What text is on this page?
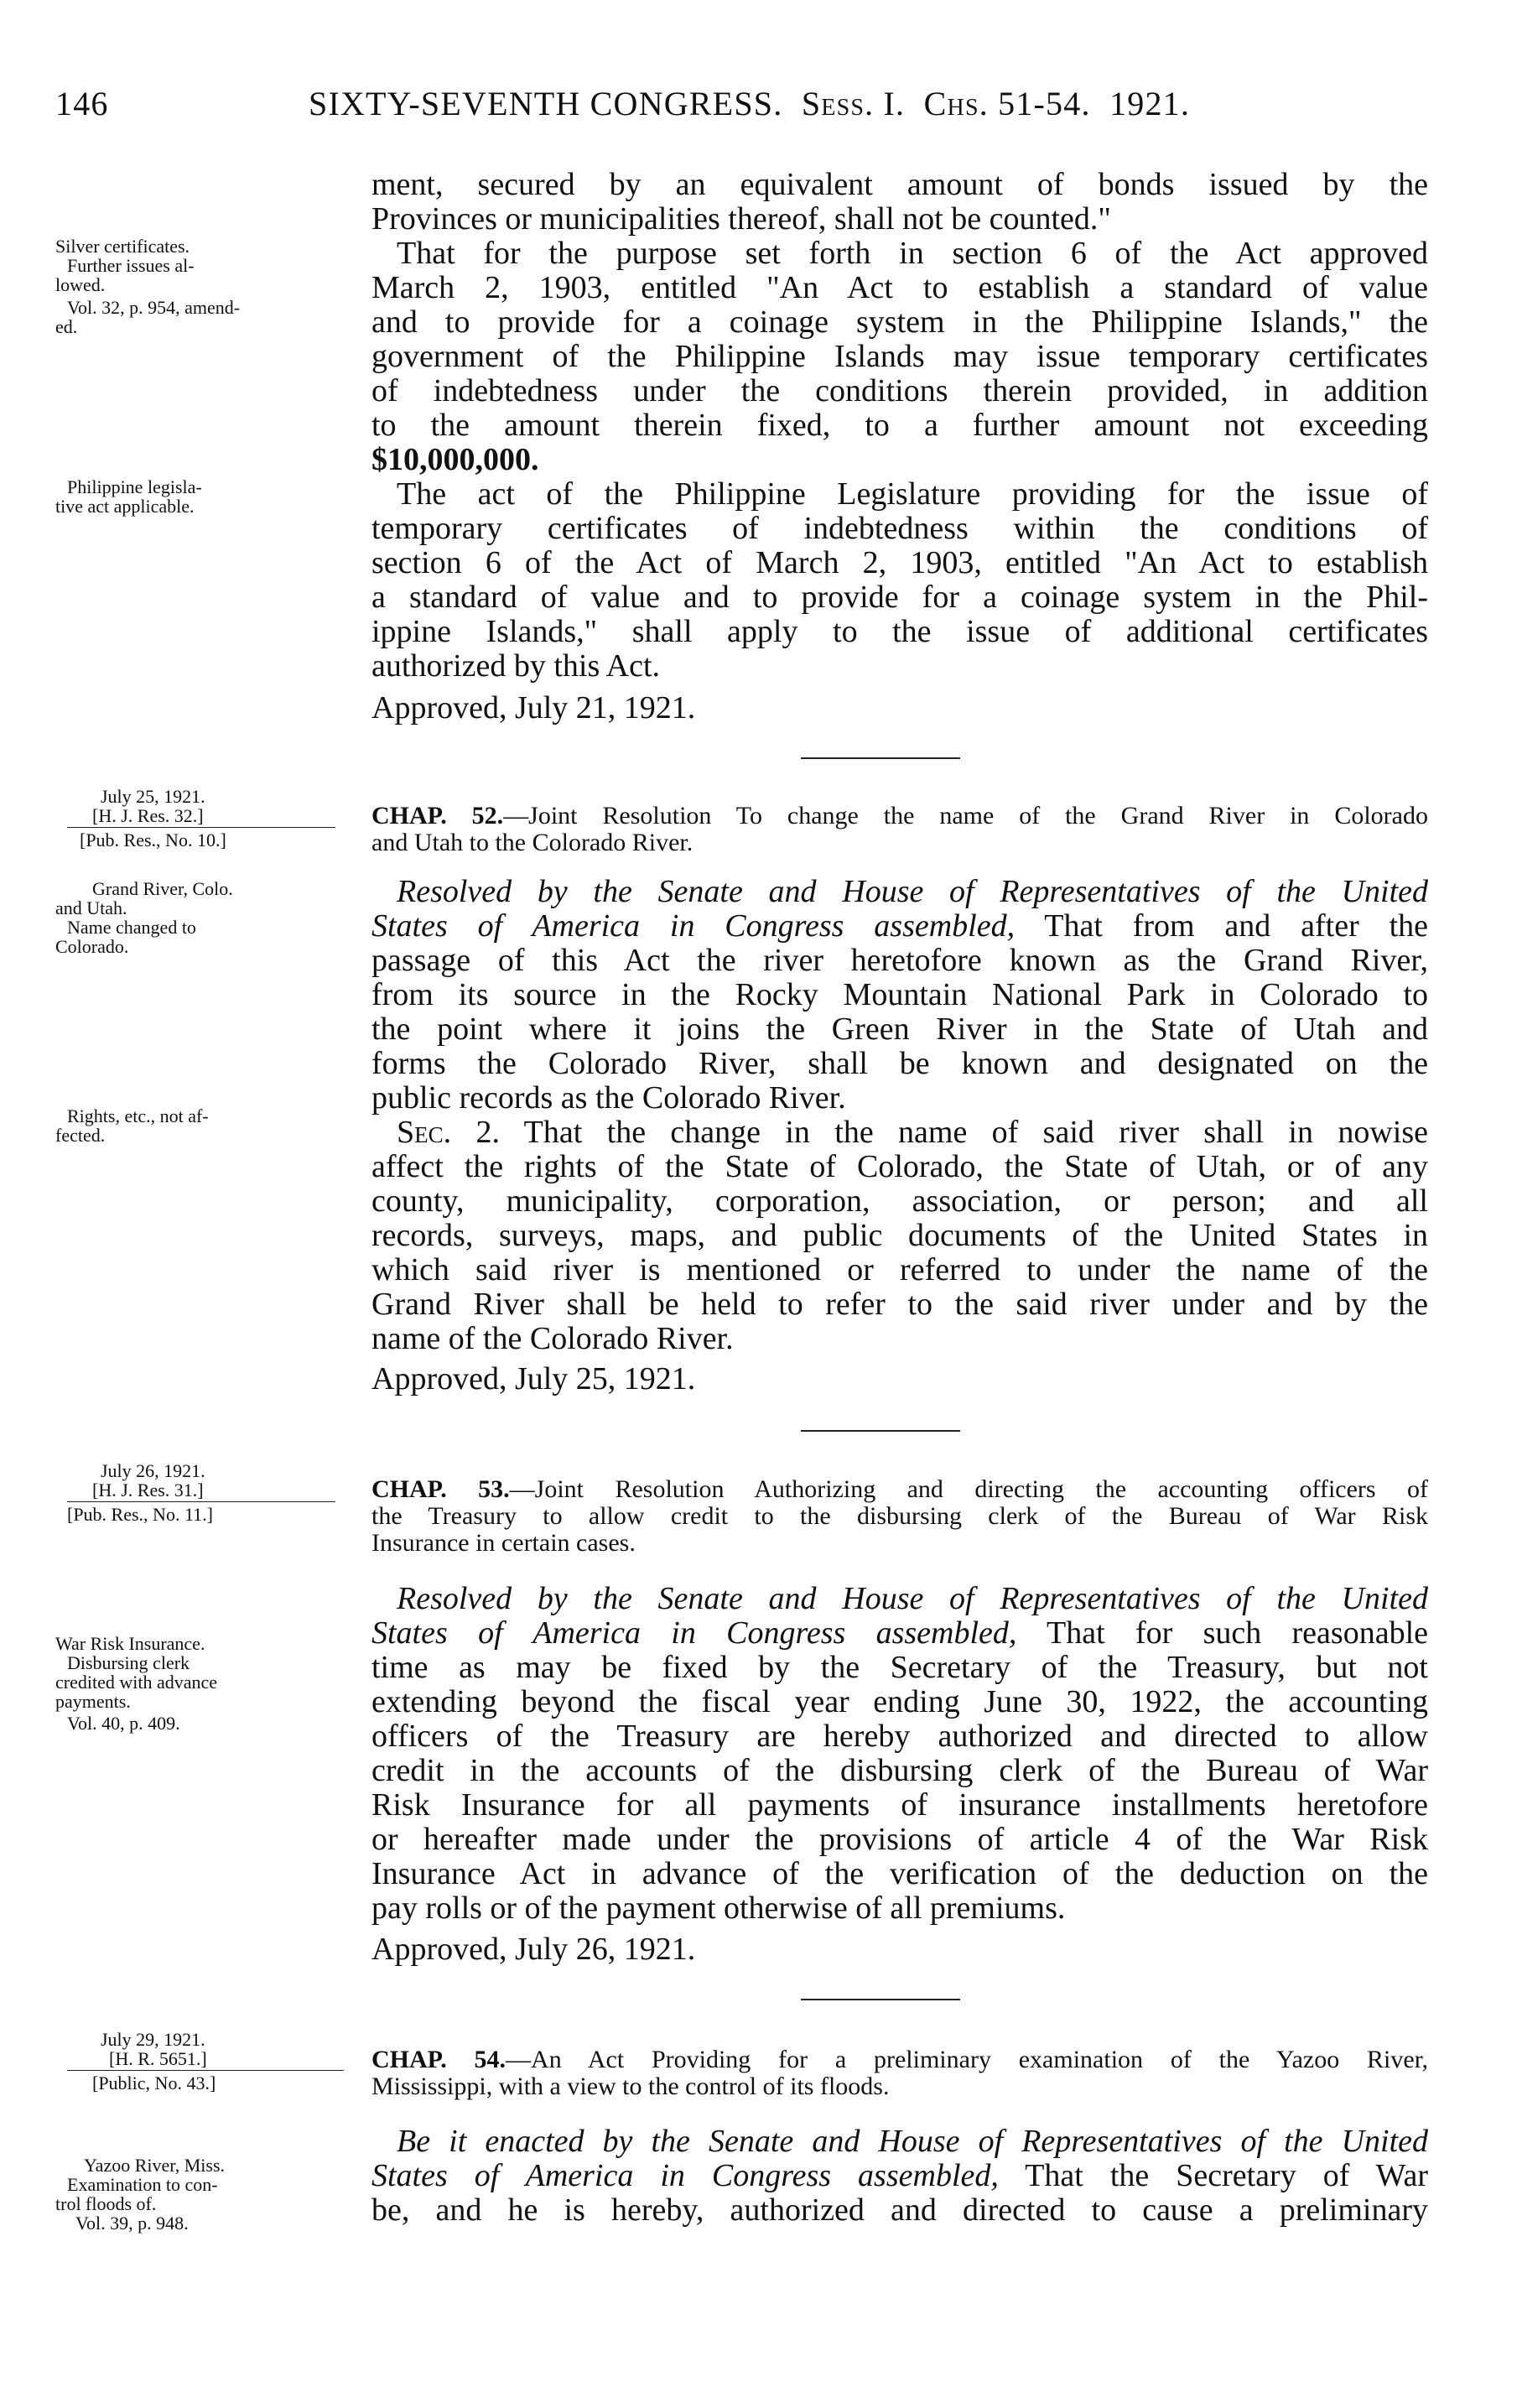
146	SIXTY-SEVENTH CONGRESS. Sess. I. Chs. 51-54. 1921.
ment, secured by an equivalent amount of bonds issued by the
Provinces or municipalities thereof, shall not be counted."
That for the purpose set forth in section 6 of the Act approved
March 2, 1903, entitled "An Act to establish a standard of value
and to provide for a coinage system in the Philippine Islands," the
government of the Philippine Islands may issue temporary certificates
of indebtedness under the conditions therein provided, in addition
to the amount therein fixed, to a further amount not exceeding
$10,000,000.
The act of the Philippine Legislature providing for the issue of
temporary certificates of indebtedness within the conditions of
section 6 of the Act of March 2, 1903, entitled "An Act to establish
a standard of value and to provide for a coinage system in the Phil-
ippine Islands," shall apply to the issue of additional certificates
authorized by this Act.
Approved, July 21, 1921.
Silver certificates.
Further issues al-
lowed.
Vol. 32, p. 954, amend-
ed.
Philippine legisla-
tive act applicable.
July 25, 1921.
[H. J. Res. 32.]
[Pub. Res., No. 10.]
CHAP. 52.—Joint Resolution To change the name of the Grand River in Colorado
and Utah to the Colorado River.
Resolved by the Senate and House of Representatives of the United
States of America in Congress assembled, That from and after the
passage of this Act the river heretofore known as the Grand River,
from its source in the Rocky Mountain National Park in Colorado to
the point where it joins the Green River in the State of Utah and
forms the Colorado River, shall be known and designated on the
public records as the Colorado River.
Sec. 2. That the change in the name of said river shall in nowise
affect the rights of the State of Colorado, the State of Utah, or of any
county, municipality, corporation, association, or person; and all
records, surveys, maps, and public documents of the United States in
which said river is mentioned or referred to under the name of the
Grand River shall be held to refer to the said river under and by the
name of the Colorado River.
Approved, July 25, 1921.
Grand River, Colo.
and Utah.
Name changed to
Colorado.
Rights, etc., not af-
fected.
July 26, 1921.
[H. J. Res. 31.]
[Pub. Res., No. 11.]
CHAP. 53.—Joint Resolution Authorizing and directing the accounting officers of
the Treasury to allow credit to the disbursing clerk of the Bureau of War Risk
Insurance in certain cases.
Resolved by the Senate and House of Representatives of the United
States of America in Congress assembled, That for such reasonable
time as may be fixed by the Secretary of the Treasury, but not
extending beyond the fiscal year ending June 30, 1922, the accounting
officers of the Treasury are hereby authorized and directed to allow
credit in the accounts of the disbursing clerk of the Bureau of War
Risk Insurance for all payments of insurance installments heretofore
or hereafter made under the provisions of article 4 of the War Risk
Insurance Act in advance of the verification of the deduction on the
pay rolls or of the payment otherwise of all premiums.
Approved, July 26, 1921.
War Risk Insurance.
Disbursing clerk
credited with advance
payments.
Vol. 40, p. 409.
July 29, 1921.
[H. R. 5651.]
[Public, No. 43.]
CHAP. 54.—An Act Providing for a preliminary examination of the Yazoo River,
Mississippi, with a view to the control of its floods.
Be it enacted by the Senate and House of Representatives of the United
States of America in Congress assembled, That the Secretary of War
be, and he is hereby, authorized and directed to cause a preliminary
Yazoo River, Miss.
Examination to con-
trol floods of.
Vol. 39, p. 948.
